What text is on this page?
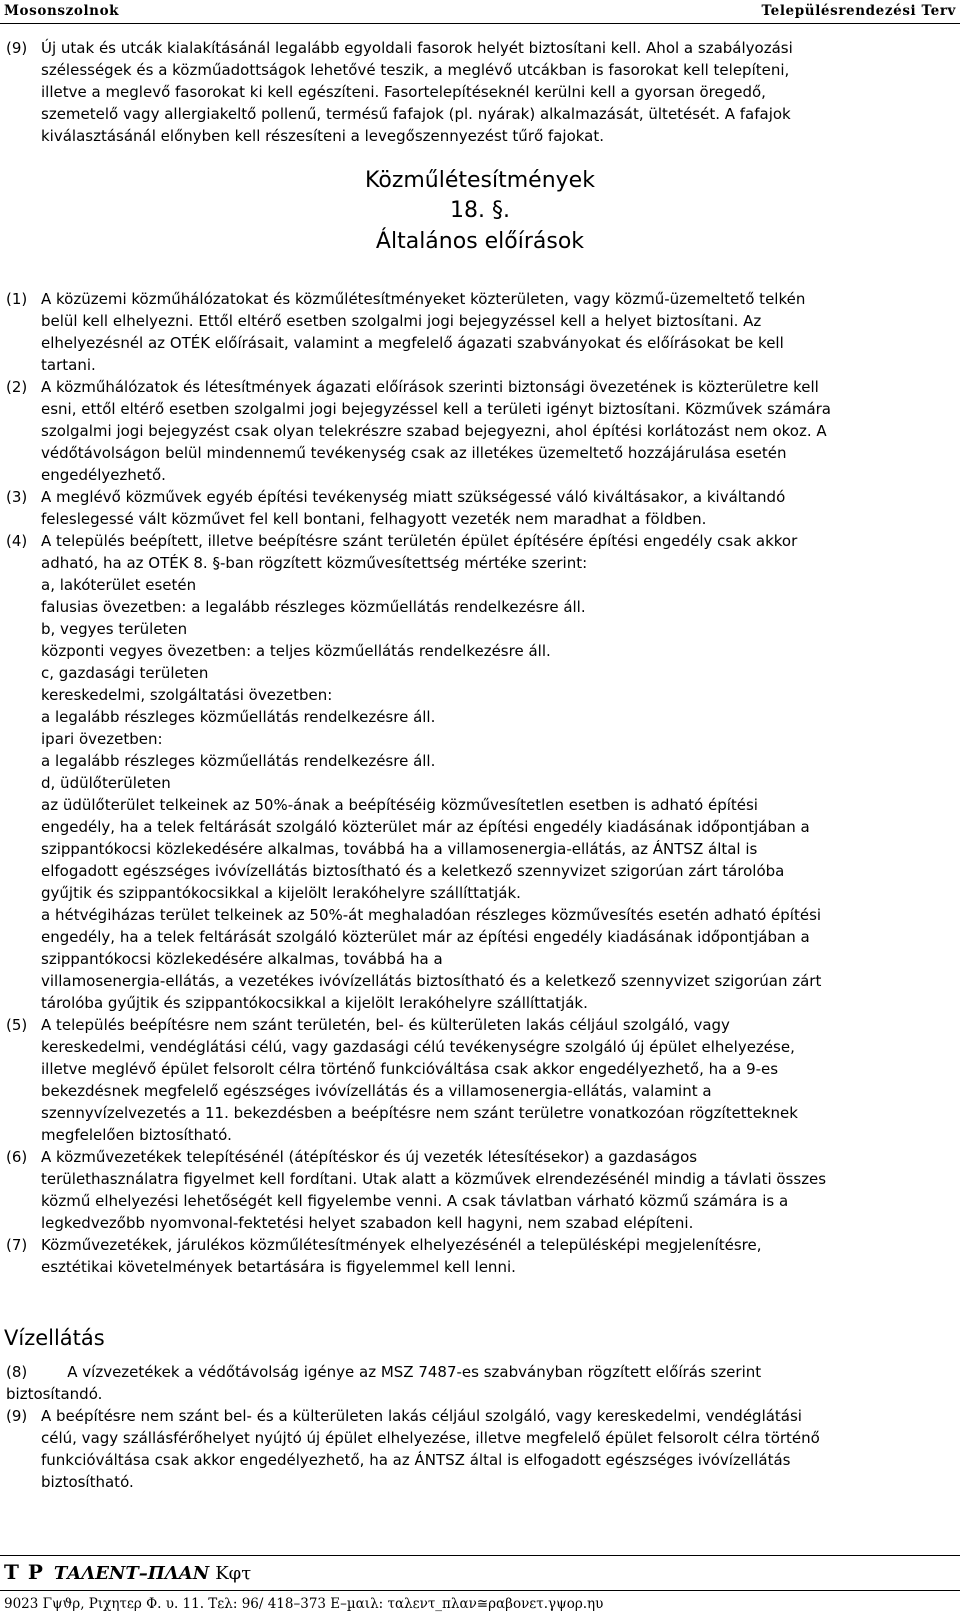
Mosonszolnok	Településrendezési Terv
(9) Új utak és utcák kialakításánál legalább egyoldali fasorok helyét biztosítani kell. Ahol a szabályozási
szélességek és a közműadottságok lehetővé teszik, a meglévő utcákban is fasorokat kell telepíteni,
illetve a meglevő fasorokat ki kell egészíteni. Fasortelepítéseknél kerülni kell a gyorsan öregedő,
szemetelő vagy allergiakeltő pollenű, termésű fafajok (pl. nyárak) alkalmazását, ültetését. A fafajok
kiválasztásánál előnyben kell részesíteni a levegőszennyezést tűrő fajokat.
Közműlétesítmények
18. §.
Általános előírások
(1) A közüzemi közműhálózatokat és közműlétesítményeket közterületen, vagy közmű-üzemeltető telkén
belül kell elhelyezni. Ettől eltérő esetben szolgalmi jogi bejegyzéssel kell a helyet biztosítani. Az
elhelyezésnél az OTÉK előírásait, valamint a megfelelő ágazati szabványokat és előírásokat be kell
tartani.
(2) A közműhálózatok és létesítmények ágazati előírások szerinti biztonsági övezetének is közterületre kell
esni, ettől eltérő esetben szolgalmi jogi bejegyzéssel kell a területi igényt biztosítani. Közművek számára
szolgalmi jogi bejegyzést csak olyan telekrészre szabad bejegyezni, ahol építési korlátozást nem okoz. A
védőtávolságon belül mindennemű tevékenység csak az illetékes üzemeltető hozzájárulása esetén
engedélyezhető.
(3) A meglévő közművek egyéb építési tevékenység miatt szükségessé váló kiváltásakor, a kiváltandó
feleslegessé vált közművet fel kell bontani, felhagyott vezeték nem maradhat a földben.
(4) A település beépített, illetve beépítésre szánt területén épület építésére építési engedély csak akkor
adható, ha az OTÉK 8. §-ban rögzített közművesítettség mértéke szerint:
a, lakóterület esetén
falusias övezetben: a legalább részleges közműellátás rendelkezésre áll.
b, vegyes területen
központi vegyes övezetben: a teljes közműellátás rendelkezésre áll.
c, gazdasági területen
kereskedelmi, szolgáltatási övezetben:
a legalább részleges közműellátás rendelkezésre áll.
ipari övezetben:
a legalább részleges közműellátás rendelkezésre áll.
d, üdülőterületen
az üdülőterület telkeinek az 50%-ának a beépítéséig közművesítetlen esetben is adható építési
engedély, ha a telek feltárását szolgáló közterület már az építési engedély kiadásának időpontjában a
szippantókocsi közlekedésére alkalmas, továbbá ha a villamosenergia-ellátás, az ÁNTSZ által is
elfogadott egészséges ivóvízellátás biztosítható és a keletkező szennyvizet szigorúan zárt tárolóba
gyűjtik és szippantókocsikkal a kijelölt lerakóhelyre szállíttatják.
a hétvégiházas terület telkeinek az 50%-át meghaladóan részleges közművesítés esetén adható építési
engedély, ha a telek feltárását szolgáló közterület már az építési engedély kiadásának időpontjában a
szippantókocsi közlekedésére alkalmas, továbbá ha a
villamosenergia-ellátás, a vezetékes ivóvízellátás biztosítható és a keletkező szennyvizet szigorúan zárt
tárolóba gyűjtik és szippantókocsikkal a kijelölt lerakóhelyre szállíttatják.
(5) A település beépítésre nem szánt területén, bel- és külterületen lakás céljául szolgáló, vagy
kereskedelmi, vendéglátási célú, vagy gazdasági célú tevékenységre szolgáló új épület elhelyezése,
illetve meglévő épület felsorolt célra történő funkcióváltása csak akkor engedélyezhető, ha a 9-es
bekezdésnek megfelelő egészséges ivóvízellátás és a villamosenergia-ellátás, valamint a
szennyvízelvezetés a 11. bekezdésben a beépítésre nem szánt területre vonatkozóan rögzítetteknek
megfelelően biztosítható.
(6) A közművezetékek telepítésénél (átépítéskor és új vezeték létesítésekor) a gazdaságos
területhasználatra figyelmet kell fordítani. Utak alatt a közművek elrendezésénél mindig a távlati összes
közmű elhelyezési lehetőségét kell figyelembe venni. A csak távlatban várható közmű számára is a
legkedvezőbb nyomvonal-fektetési helyet szabadon kell hagyni, nem szabad elépíteni.
(7) Közművezetékek, járulékos közműlétesítmények elhelyezésénél a településképi megjelenítésre,
esztétikai követelmények betartására is figyelemmel kell lenni.
Vízellátás
(8)	A vízvezetékek a védőtávolság igénye az MSZ 7487-es szabványban rögzített előírás szerint
biztosítandó.
(9) A beépítésre nem szánt bel- és a külterületen lakás céljául szolgáló, vagy kereskedelmi, vendéglátási
célú, vagy szállásférőhelyet nyújtó új épület elhelyezése, illetve megfelelő épület felsorolt célra történő
funkcióváltása csak akkor engedélyezhető, ha az ÁNTSZ által is elfogadott egészséges ivóvízellátás
biztosítható.
T P ΤΑΛΕΝΤ–ΠΛΑΝ Κφτ
9023 Γψϑρ, Ριχητερ Φ. υ. 11. Τελ: 96/ 418–373 Ε–µαιλ: ταλεντ_πλαν≅ραβονετ.γψορ.ηυ
